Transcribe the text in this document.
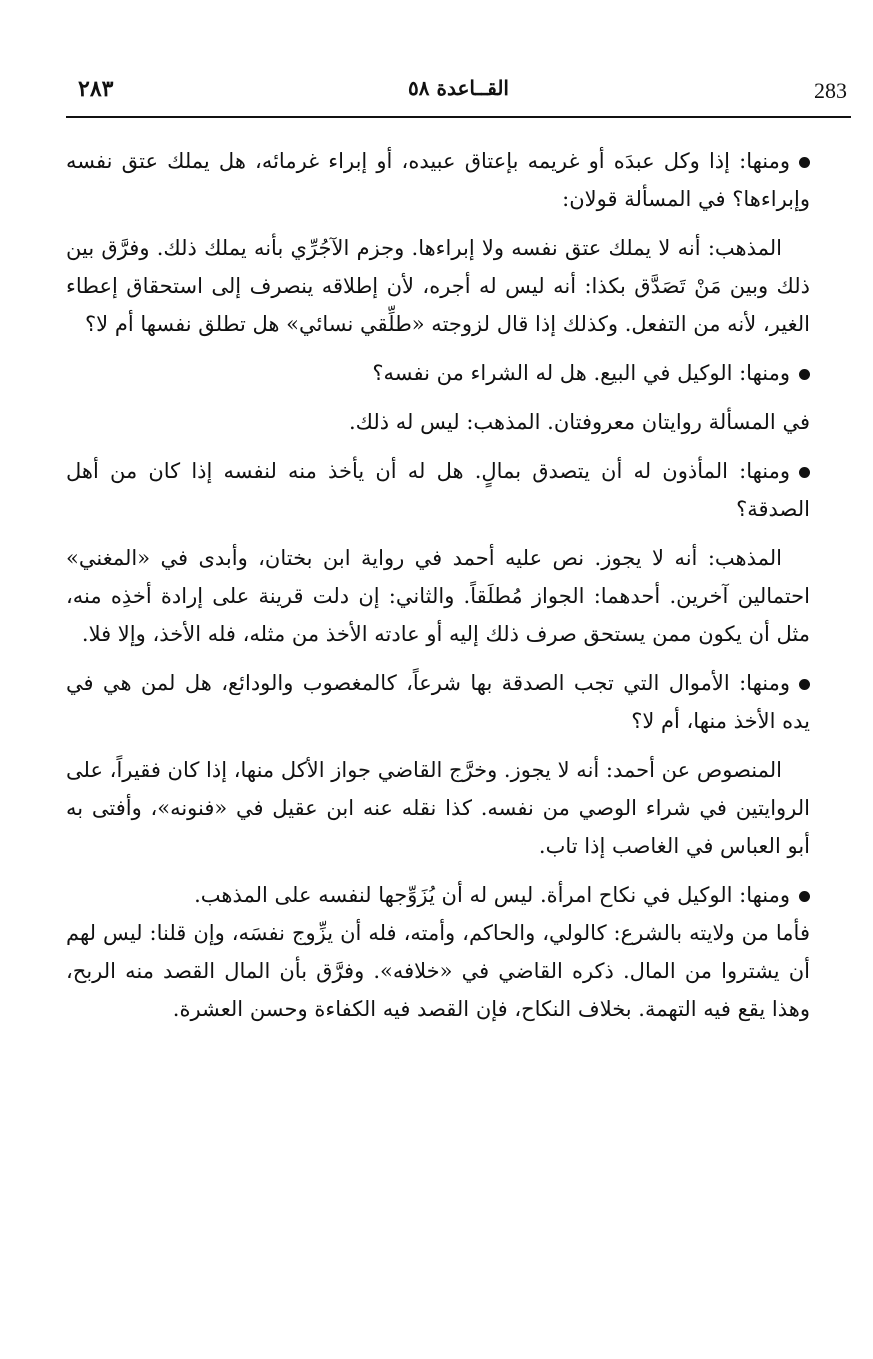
283
القــاعدة ٥٨
٢٨٣

ومنها: إذا وكل عبدَه أو غريمه بإعتاق عبيده، أو إبراء غرمائه، هل يملك عتق نفسه وإبراءها؟ في المسألة قولان:

المذهب: أنه لا يملك عتق نفسه ولا إبراءها. وجزم الآجُرِّي بأنه يملك ذلك. وفرَّق بين ذلك وبين مَنْ تَصَدَّق بكذا: أنه ليس له أجره، لأن إطلاقه ينصرف إلى استحقاق إعطاء الغير، لأنه من التفعل. وكذلك إذا قال لزوجته «طلِّقي نسائي» هل تطلق نفسها أم لا؟

ومنها: الوكيل في البيع. هل له الشراء من نفسه؟

في المسألة روايتان معروفتان. المذهب: ليس له ذلك.

ومنها: المأذون له أن يتصدق بمالٍ. هل له أن يأخذ منه لنفسه إذا كان من أهل الصدقة؟

المذهب: أنه لا يجوز. نص عليه أحمد في رواية ابن بختان، وأبدى في «المغني» احتمالين آخرين. أحدهما: الجواز مُطلَقاً. والثاني: إن دلت قرينة على إرادة أخذِه منه، مثل أن يكون ممن يستحق صرف ذلك إليه أو عادته الأخذ من مثله، فله الأخذ، وإلا فلا.

ومنها: الأموال التي تجب الصدقة بها شرعاً، كالمغصوب والودائع، هل لمن هي في يده الأخذ منها، أم لا؟

المنصوص عن أحمد: أنه لا يجوز. وخرَّج القاضي جواز الأكل منها، إذا كان فقيراً، على الروايتين في شراء الوصي من نفسه. كذا نقله عنه ابن عقيل في «فنونه»، وأفتى به أبو العباس في الغاصب إذا تاب.

ومنها: الوكيل في نكاح امرأة. ليس له أن يُزَوِّجها لنفسه على المذهب.

فأما من ولايته بالشرع: كالولي، والحاكم، وأمته، فله أن يزِّوج نفسَه، وإن قلنا: ليس لهم أن يشتروا من المال. ذكره القاضي في «خلافه». وفرَّق بأن المال القصد منه الربح، وهذا يقع فيه التهمة. بخلاف النكاح، فإن القصد فيه الكفاءة وحسن العشرة.
